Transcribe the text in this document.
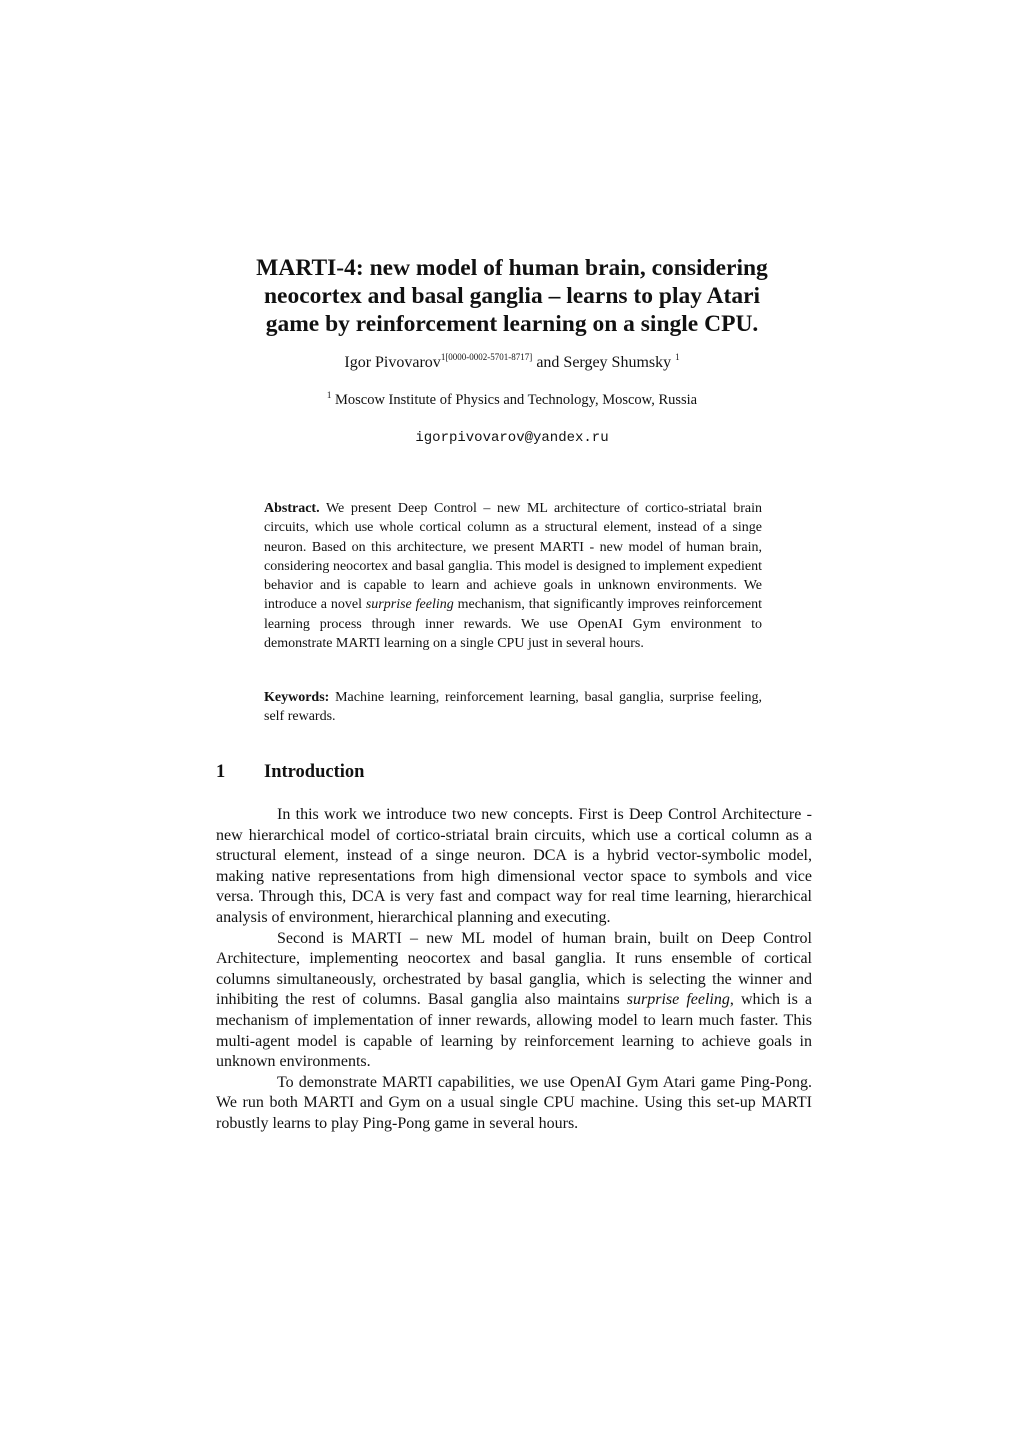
MARTI-4: new model of human brain, considering
neocortex and basal ganglia – learns to play Atari
game by reinforcement learning on a single CPU.
Igor Pivovarov$^{1[0000-0002-5701-8717]}$ and Sergey Shumsky $^1$
$^1$ Moscow Institute of Physics and Technology, Moscow, Russia
igorpivovarov@yandex.ru

Abstract. We present Deep Control – new ML architecture of cortico-striatal brain circuits, which use whole cortical column as a structural element, instead of a singe neuron. Based on this architecture, we present MARTI - new model of human brain, considering neocortex and basal ganglia. This model is designed to implement expedient behavior and is capable to learn and achieve goals in unknown environments. We introduce a novel surprise feeling mechanism, that significantly improves reinforcement learning process through inner rewards. We use OpenAI Gym environment to demonstrate MARTI learning on a single CPU just in several hours.

Keywords: Machine learning, reinforcement learning, basal ganglia, surprise feeling, self rewards.

1 Introduction

In this work we introduce two new concepts. First is Deep Control Architecture - new hierarchical model of cortico-striatal brain circuits, which use a cortical column as a structural element, instead of a singe neuron. DCA is a hybrid vector-symbolic model, making native representations from high dimensional vector space to symbols and vice versa. Through this, DCA is very fast and compact way for real time learning, hierarchical analysis of environment, hierarchical planning and executing.

Second is MARTI – new ML model of human brain, built on Deep Control Architecture, implementing neocortex and basal ganglia. It runs ensemble of cortical columns simultaneously, orchestrated by basal ganglia, which is selecting the winner and inhibiting the rest of columns. Basal ganglia also maintains surprise feeling, which is a mechanism of implementation of inner rewards, allowing model to learn much faster. This multi-agent model is capable of learning by reinforcement learning to achieve goals in unknown environments.

To demonstrate MARTI capabilities, we use OpenAI Gym Atari game Ping-Pong. We run both MARTI and Gym on a usual single CPU machine. Using this set-up MARTI robustly learns to play Ping-Pong game in several hours.
